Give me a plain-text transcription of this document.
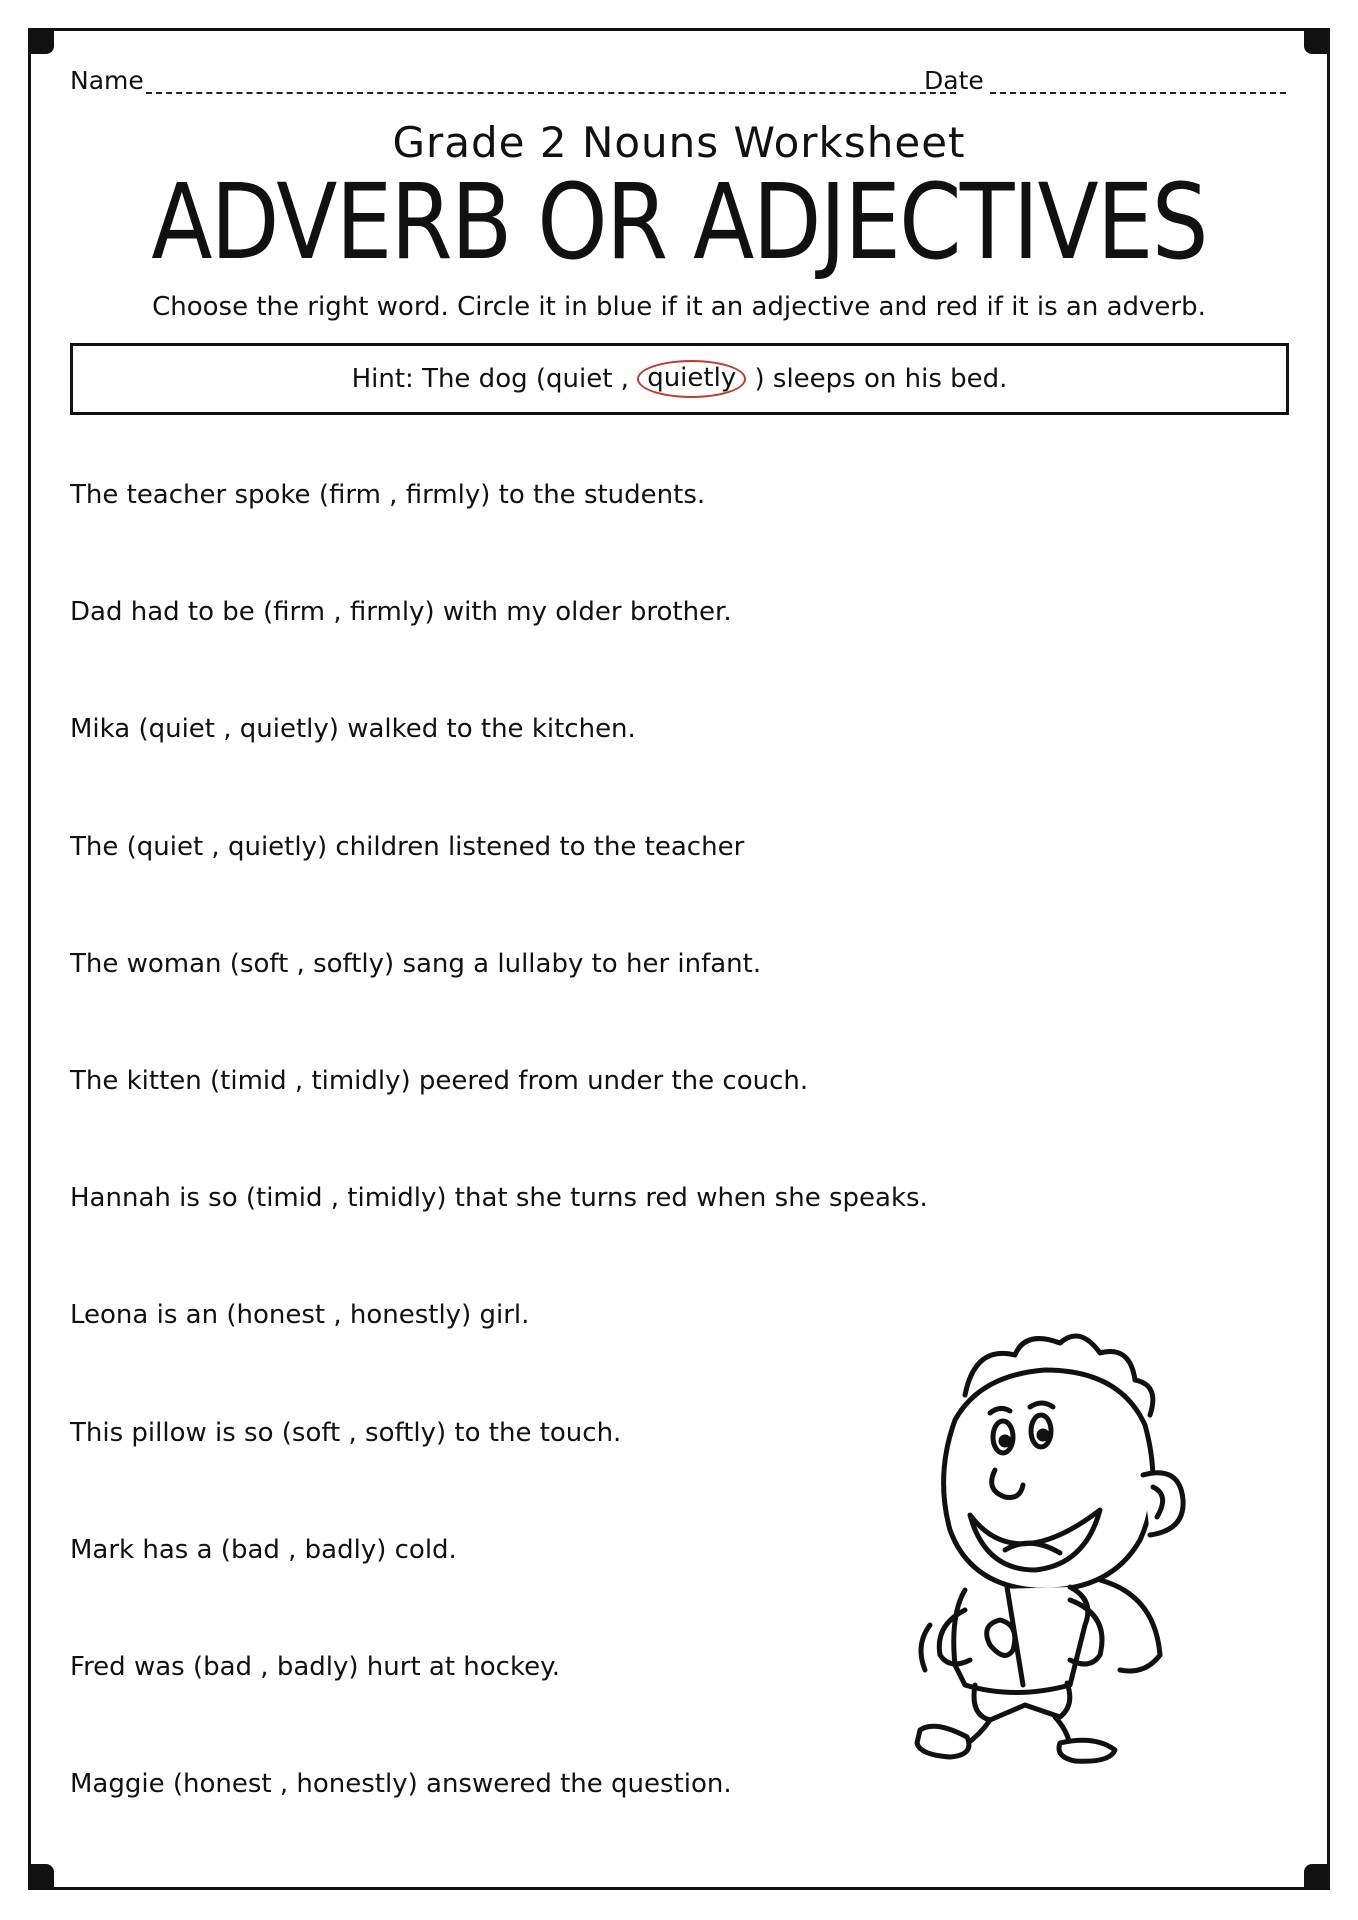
Name	Date
Grade 2 Nouns Worksheet
ADVERB OR ADJECTIVES
Choose the right word. Circle it in blue if it an adjective and red if it is an adverb.
Hint: The dog (quiet , quietly ) sleeps on his bed.
The teacher spoke (firm , firmly) to the students.
Dad had to be (firm , firmly) with my older brother.
Mika (quiet , quietly) walked to the kitchen.
The (quiet , quietly) children listened to the teacher
The woman (soft , softly) sang a lullaby to her infant.
The kitten (timid , timidly) peered from under the couch.
Hannah is so (timid , timidly) that she turns red when she speaks.
Leona is an (honest , honestly) girl.
This pillow is so (soft , softly) to the touch.
Mark has a (bad , badly) cold.
Fred was (bad , badly) hurt at hockey.
Maggie (honest , honestly) answered the question.
